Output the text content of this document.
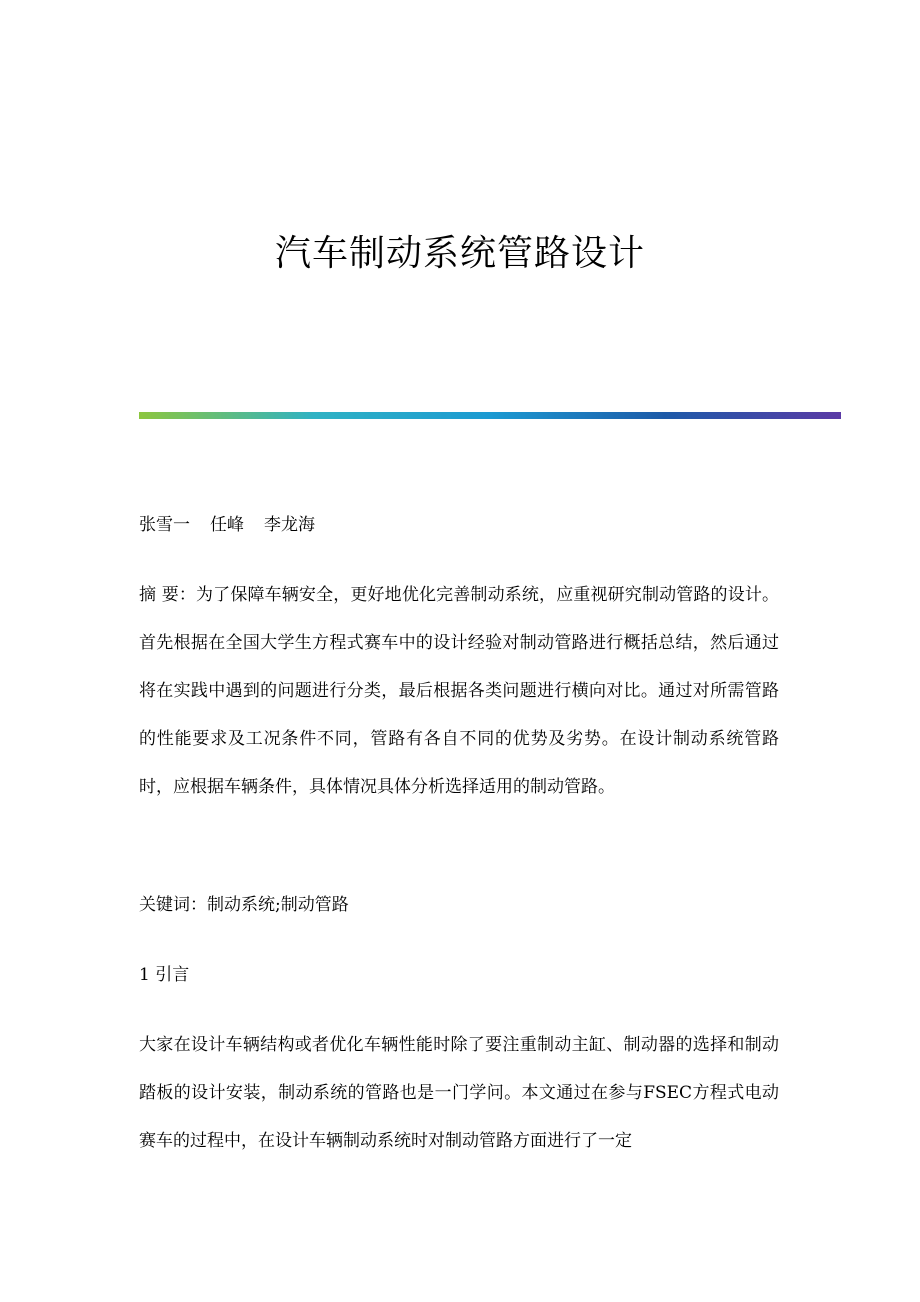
汽车制动系统管路设计

张雪一 任峰 李龙海

摘 要：为了保障车辆安全，更好地优化完善制动系统，应重视研究制动管路的设计。首先根据在全国大学生方程式赛车中的设计经验对制动管路进行概括总结，然后通过将在实践中遇到的问题进行分类，最后根据各类问题进行横向对比。通过对所需管路的性能要求及工况条件不同，管路有各自不同的优势及劣势。在设计制动系统管路时，应根据车辆条件，具体情况具体分析选择适用的制动管路。

关键词：制动系统;制动管路

1 引言

大家在设计车辆结构或者优化车辆性能时除了要注重制动主缸、制动器的选择和制动踏板的设计安装，制动系统的管路也是一门学问。本文通过在参与FSEC方程式电动赛车的过程中，在设计车辆制动系统时对制动管路方面进行了一定
